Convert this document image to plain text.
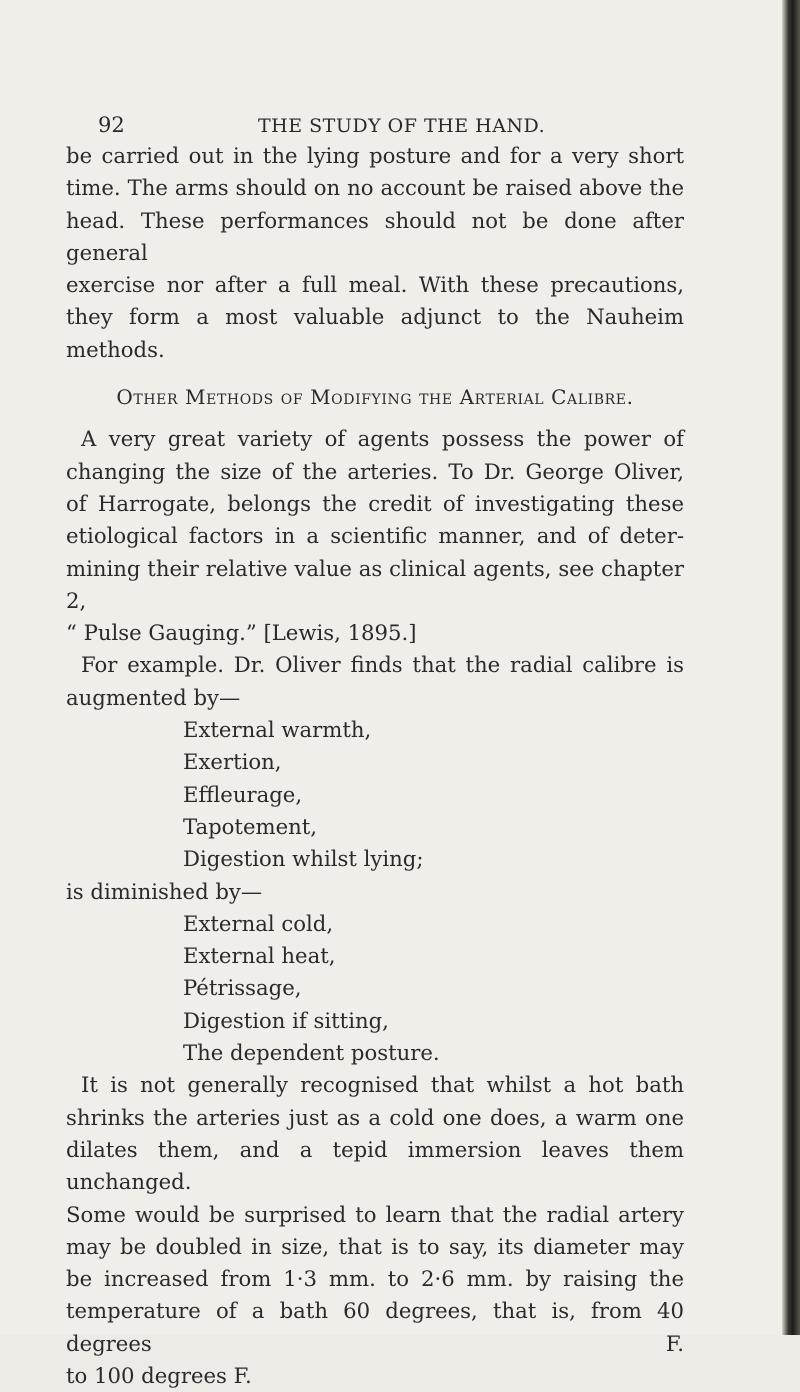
92	THE STUDY OF THE HAND.

be carried out in the lying posture and for a very short

time. The arms should on no account be raised above the

head. These performances should not be done after general

exercise nor after a full meal. With these precautions,

they form a most valuable adjunct to the Nauheim

methods.

Other Methods of Modifying the Arterial Calibre.

A very great variety of agents possess the power of

changing the size of the arteries. To Dr. George Oliver,

of Harrogate, belongs the credit of investigating these

etiological factors in a scientific manner, and of deter-

mining their relative value as clinical agents, see chapter 2,

“ Pulse Gauging.” [Lewis, 1895.]

For example. Dr. Oliver finds that the radial calibre is

augmented by—

External warmth,
Exertion,
Effleurage,
Tapotement,
Digestion whilst lying;

is diminished by—

External cold,
External heat,
Pétrissage,
Digestion if sitting,
The dependent posture.

It is not generally recognised that whilst a hot bath

shrinks the arteries just as a cold one does, a warm one

dilates them, and a tepid immersion leaves them unchanged.

Some would be surprised to learn that the radial artery

may be doubled in size, that is to say, its diameter may

be increased from 1·3 mm. to 2·6 mm. by raising the

temperature of a bath 60 degrees, that is, from 40 degrees F.

to 100 degrees F.
